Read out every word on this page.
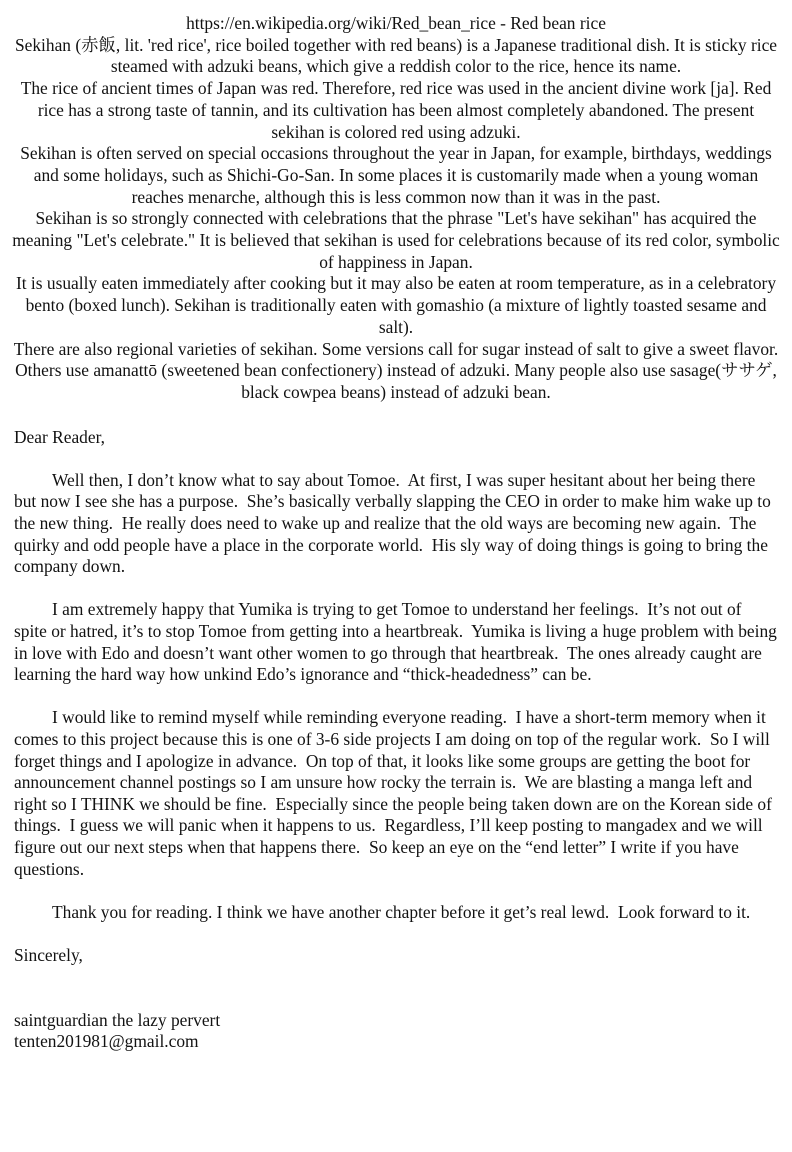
https://en.wikipedia.org/wiki/Red_bean_rice - Red bean rice

Sekihan (赤飯, lit. 'red rice', rice boiled together with red beans) is a Japanese traditional dish. It is sticky rice steamed with adzuki beans, which give a reddish color to the rice, hence its name.

The rice of ancient times of Japan was red. Therefore, red rice was used in the ancient divine work [ja]. Red rice has a strong taste of tannin, and its cultivation has been almost completely abandoned. The present sekihan is colored red using adzuki.

Sekihan is often served on special occasions throughout the year in Japan, for example, birthdays, weddings and some holidays, such as Shichi-Go-San. In some places it is customarily made when a young woman reaches menarche, although this is less common now than it was in the past.

Sekihan is so strongly connected with celebrations that the phrase "Let's have sekihan" has acquired the meaning "Let's celebrate." It is believed that sekihan is used for celebrations because of its red color, symbolic of happiness in Japan.

It is usually eaten immediately after cooking but it may also be eaten at room temperature, as in a celebratory bento (boxed lunch). Sekihan is traditionally eaten with gomashio (a mixture of lightly toasted sesame and salt).

There are also regional varieties of sekihan. Some versions call for sugar instead of salt to give a sweet flavor. Others use amanattō (sweetened bean confectionery) instead of adzuki. Many people also use sasage(ササゲ, black cowpea beans) instead of adzuki bean.

Dear Reader,

Well then, I don’t know what to say about Tomoe.  At first, I was super hesitant about her being there but now I see she has a purpose.  She’s basically verbally slapping the CEO in order to make him wake up to the new thing.  He really does need to wake up and realize that the old ways are becoming new again.  The quirky and odd people have a place in the corporate world.  His sly way of doing things is going to bring the company down.

I am extremely happy that Yumika is trying to get Tomoe to understand her feelings.  It’s not out of spite or hatred, it’s to stop Tomoe from getting into a heartbreak.  Yumika is living a huge problem with being in love with Edo and doesn’t want other women to go through that heartbreak.  The ones already caught are learning the hard way how unkind Edo’s ignorance and “thick-headedness” can be.

I would like to remind myself while reminding everyone reading.  I have a short-term memory when it comes to this project because this is one of 3-6 side projects I am doing on top of the regular work.  So I will forget things and I apologize in advance.  On top of that, it looks like some groups are getting the boot for announcement channel postings so I am unsure how rocky the terrain is.  We are blasting a manga left and right so I THINK we should be fine.  Especially since the people being taken down are on the Korean side of things.  I guess we will panic when it happens to us.  Regardless, I’ll keep posting to mangadex and we will figure out our next steps when that happens there.  So keep an eye on the “end letter” I write if you have questions.

Thank you for reading. I think we have another chapter before it get’s real lewd.  Look forward to it.

Sincerely,

saintguardian the lazy pervert

tenten201981@gmail.com
